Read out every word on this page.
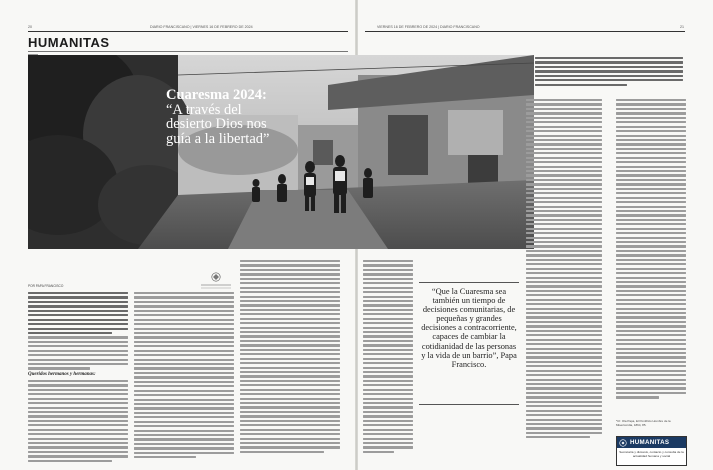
20	DIARIO FRANCISCANO | VIERNES 16 DE FEBRERO DE 2024	VIERNES 16 DE FEBRERO DE 2024 | DIARIO FRANCISCANO	21
HUMANITAS
Cuaresma 2024:
“A través del desierto Dios nos guía a la libertad”
POR PAPA FRANCISCO
Queridos hermanos y hermanas:
“Que la Cuaresma sea también un tiempo de decisiones comunitarias, de pequeñas y grandes decisiones a contracorriente, capaces de cambiar la cotidianidad de las personas y la vida de un barrio”, Papa Francisco.
*Cf. Ola Papa, El Pontificio Hombre de la Misericordia, 1864, 85.
HUMANITAS
Secretaría y diócesis, contacto y consulta de la actualidad humana y social
